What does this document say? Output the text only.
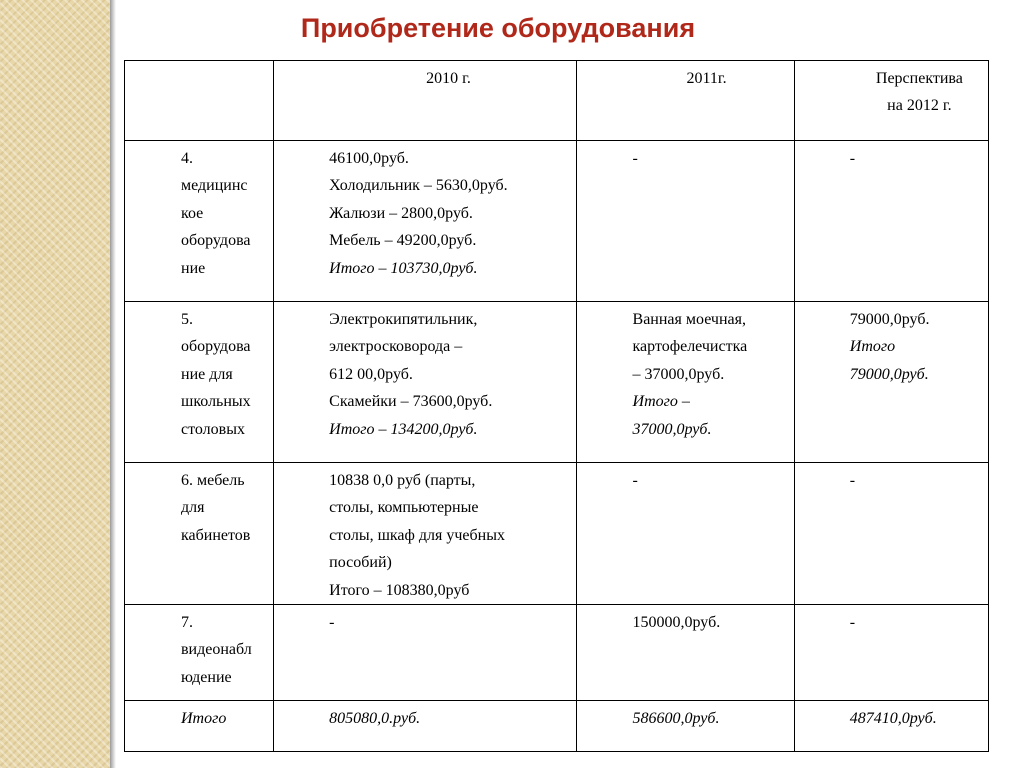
Приобретение оборудования
	2010 г.	2011г.	Перспектива
на 2012 г.

4.
медицинс
кое
оборудова
ние	46100,0руб.
Холодильник – 5630,0руб.
Жалюзи – 2800,0руб.
Мебель – 49200,0руб.
Итого – 103730,0руб.	-	-

5.
оборудова
ние для
школьных
столовых	Электрокипятильник,
электросковорода –
612 00,0руб.
Скамейки – 73600,0руб.
Итого – 134200,0руб.	Ванная моечная,
картофелечистка
– 37000,0руб.
Итого –
37000,0руб.	79000,0руб.
Итого
79000,0руб.

6. мебель
для
кабинетов	10838 0,0 руб (парты,
столы, компьютерные
столы, шкаф для учебных
пособий)
Итого – 108380,0руб	-	-

7.
видеонабл
юдение	-	150000,0руб.	-

Итого	805080,0.руб.	586600,0руб.	487410,0руб.
